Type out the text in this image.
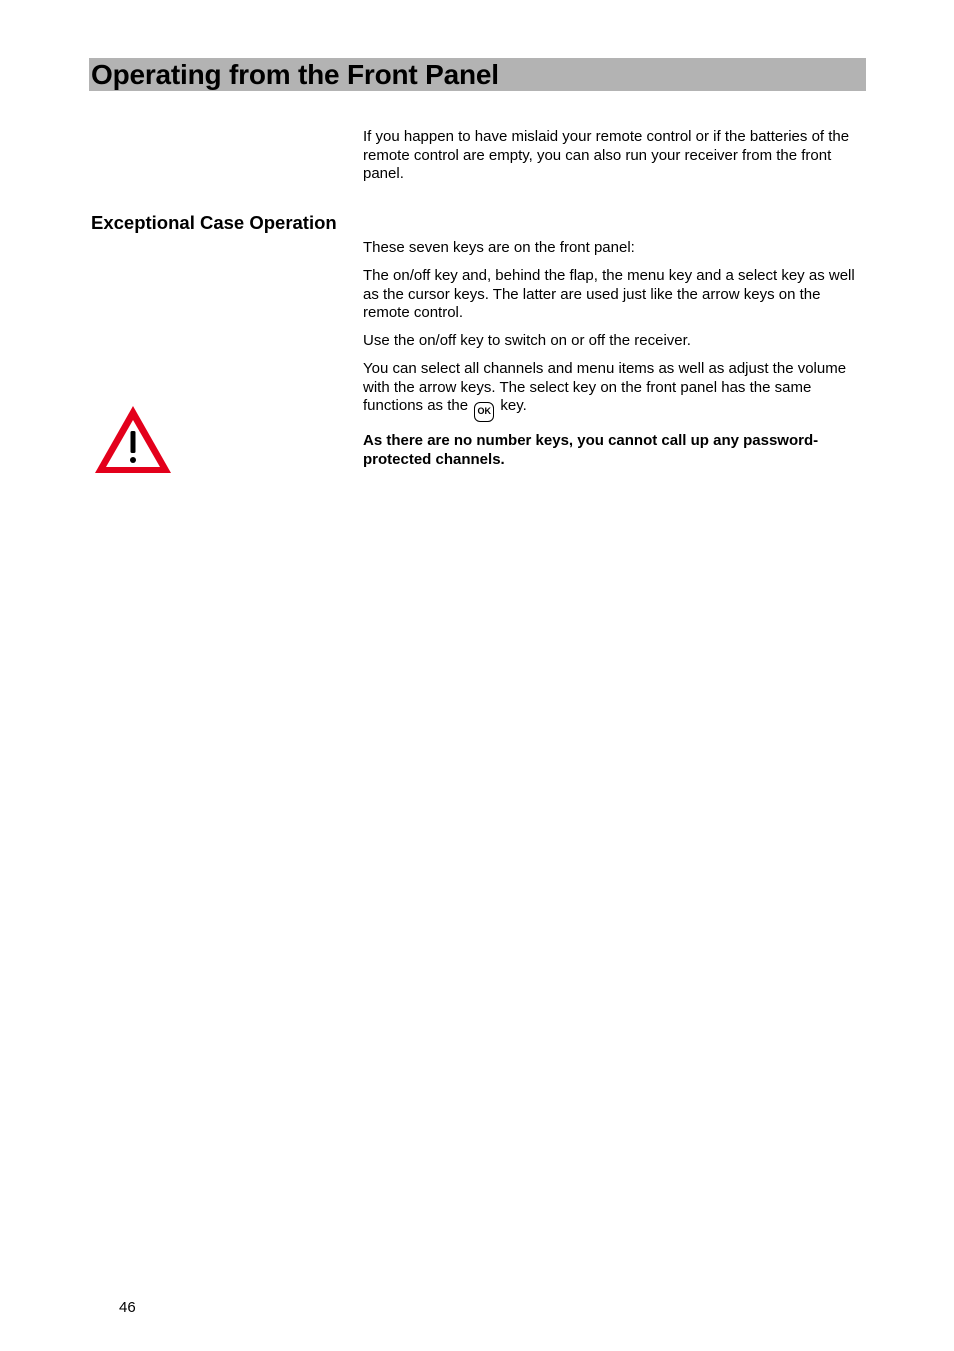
Operating from the Front Panel

If you happen to have mislaid your remote control or if the batteries of the remote control are empty, you can also run your receiver from the front panel.

Exceptional Case Operation

These seven keys are on the front panel:

The on/off key and, behind the flap, the menu key and a select key as well as the cursor keys. The latter are used just like the arrow keys on the remote control.

Use the on/off key to switch on or off the receiver.

You can select all channels and menu items as well as adjust the volume with the arrow keys. The select key on the front panel has the same functions as the OK key.

As there are no number keys, you cannot call up any password-protected channels.

46
